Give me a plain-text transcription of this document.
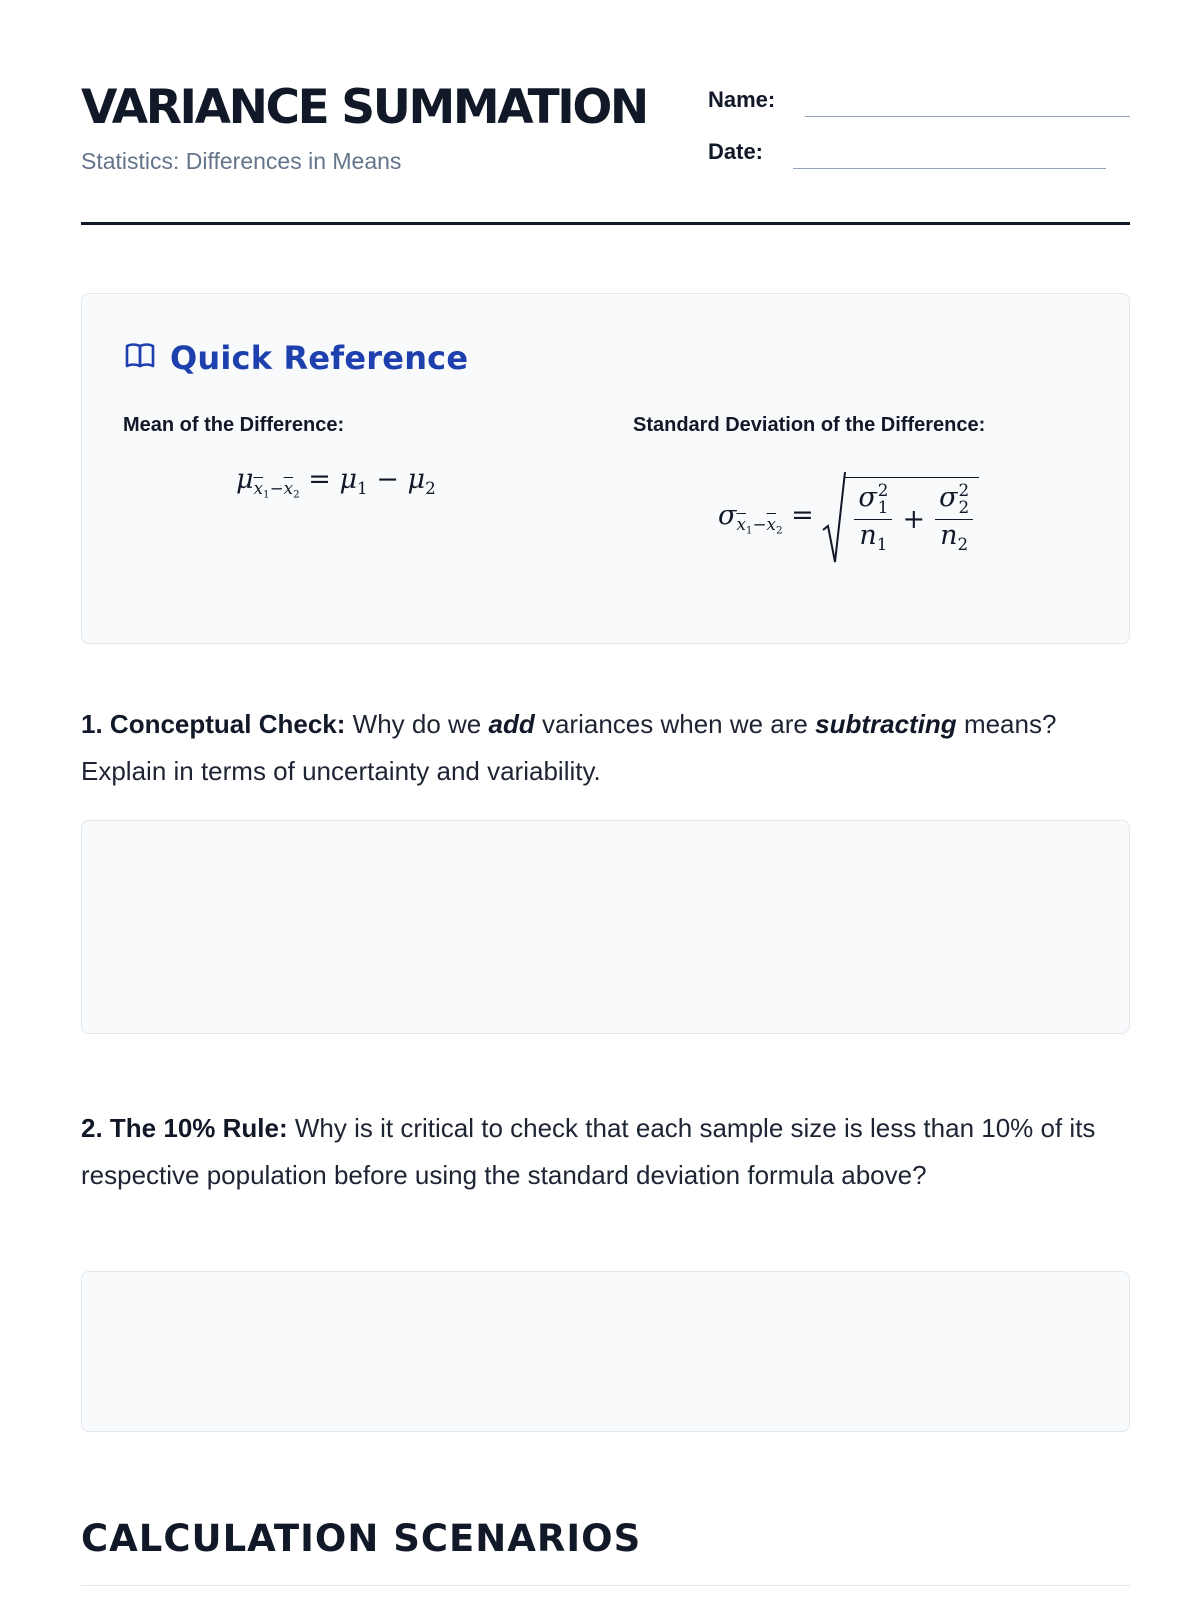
VARIANCE SUMMATION
Statistics: Differences in Means
Name:
Date:
Quick Reference
Mean of the Difference:	Standard Deviation of the Difference:
$\mu_{\overline{x}_1-\overline{x}_2} = \mu_1 - \mu_2$
$\sigma_{\overline{x}_1-\overline{x}_2} = \sigma$ 2
1
$n_1 + \sigma$ 2
2
$n_2$
1. Conceptual Check: Why do we add variances when we are subtracting means? Explain in terms of uncertainty and variability.
2. The 10% Rule: Why is it critical to check that each sample size is less than 10% of its respective population before using the standard deviation formula above?
CALCULATION SCENARIOS
